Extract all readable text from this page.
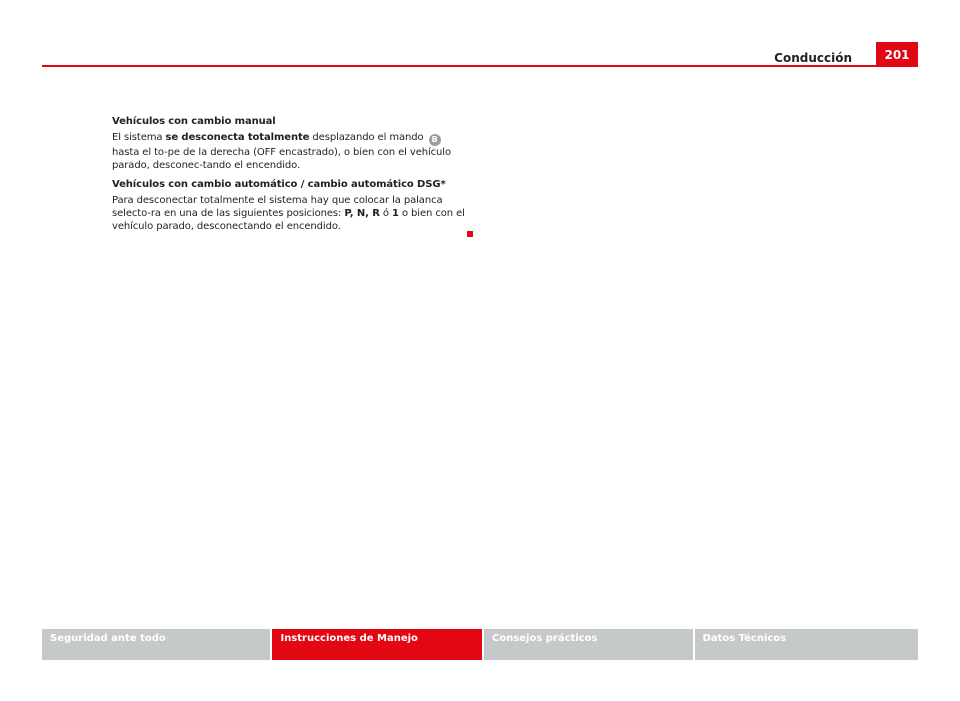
Conducción	201

Vehículos con cambio manual

El sistema se desconecta totalmente desplazando el mando B hasta el to-pe de la derecha (OFF encastrado), o bien con el vehículo parado, desconec-tando el encendido.

Vehículos con cambio automático / cambio automático DSG*

Para desconectar totalmente el sistema hay que colocar la palanca selecto-ra en una de las siguientes posiciones: P, N, R ó 1 o bien con el vehículo parado, desconectando el encendido.

Seguridad ante todo	Instrucciones de Manejo	Consejos prácticos	Datos Técnicos
